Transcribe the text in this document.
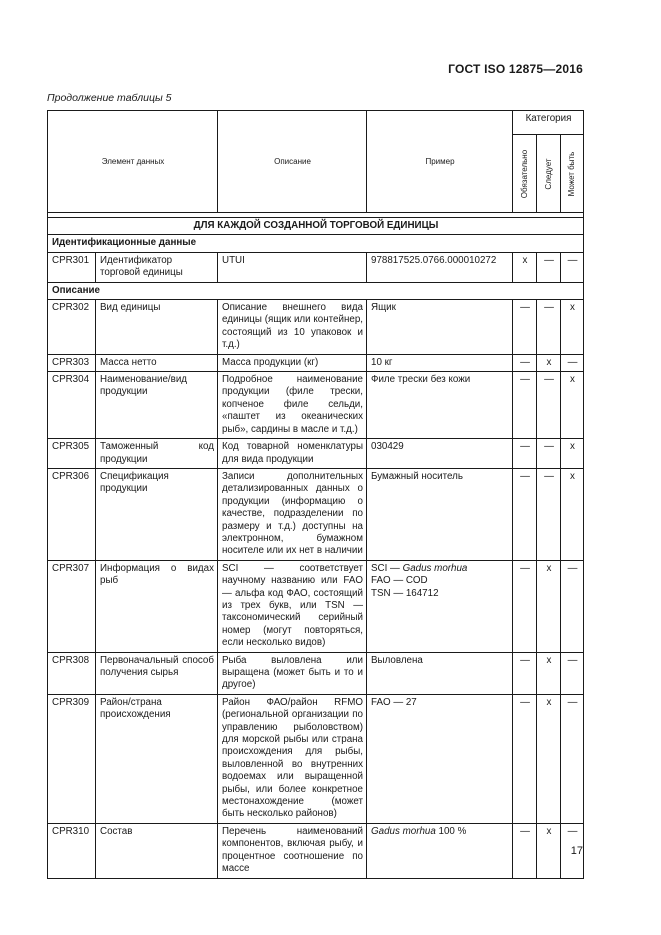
ГОСТ ISO 12875—2016
Продолжение таблицы 5
Элемент данных		Описание	Пример	Категория		

				Обязательно	Следует	Может быть

ДЛЯ КАЖДОЙ СОЗДАННОЙ ТОРГОВОЙ ЕДИНИЦЫ						
Идентификационные данные						
CPR301	Идентификатор торговой единицы	UTUI	978817525.0766.000010272	x	—	—
Описание						
CPR302	Вид единицы	Описание внешнего вида единицы (ящик или контейнер, состоящий из 10 упаковок и т.д.)	Ящик	—	—	x
CPR303	Масса нетто	Масса продукции (кг)	10 кг	—	x	—
CPR304	Наименование/вид продукции	Подробное наименование продукции (филе трески, копченое филе сельди, «паштет из океанических рыб», сардины в масле и т.д.)	Филе трески без кожи	—	—	x
CPR305	Таможенный код продукции	Код товарной номенклатуры для вида продукции	030429	—	—	x
CPR306	Спецификация продукции	Записи дополнительных детализированных данных о продукции (информацию о качестве, подразделении по размеру и т.д.) доступны на электронном, бумажном носителе или их нет в наличии	Бумажный носитель	—	—	x
CPR307	Информация о видах рыб	SCI — соответствует научному названию или FAO — альфа код ФАО, состоящий из трех букв, или TSN — таксономический серийный номер (могут повторяться, если несколько видов)	SCI — Gadus morhua
FAO — COD
TSN — 164712	—	x	—
CPR308	Первоначальный способ получения сырья	Рыба выловлена или выращена (может быть и то и другое)	Выловлена	—	x	—
CPR309	Район/страна происхождения	Район ФАО/район RFMO (региональной организации по управлению рыболовством) для морской рыбы или страна происхождения для рыбы, выловленной во внутренних водоемах или выращенной рыбы, или более конкретное местонахождение (может быть несколько районов)	FAO — 27	—	x	—
CPR310	Состав	Перечень наименований компонентов, включая рыбу, и процентное соотношение по массе	Gadus morhua 100 %	—	x	—
17
